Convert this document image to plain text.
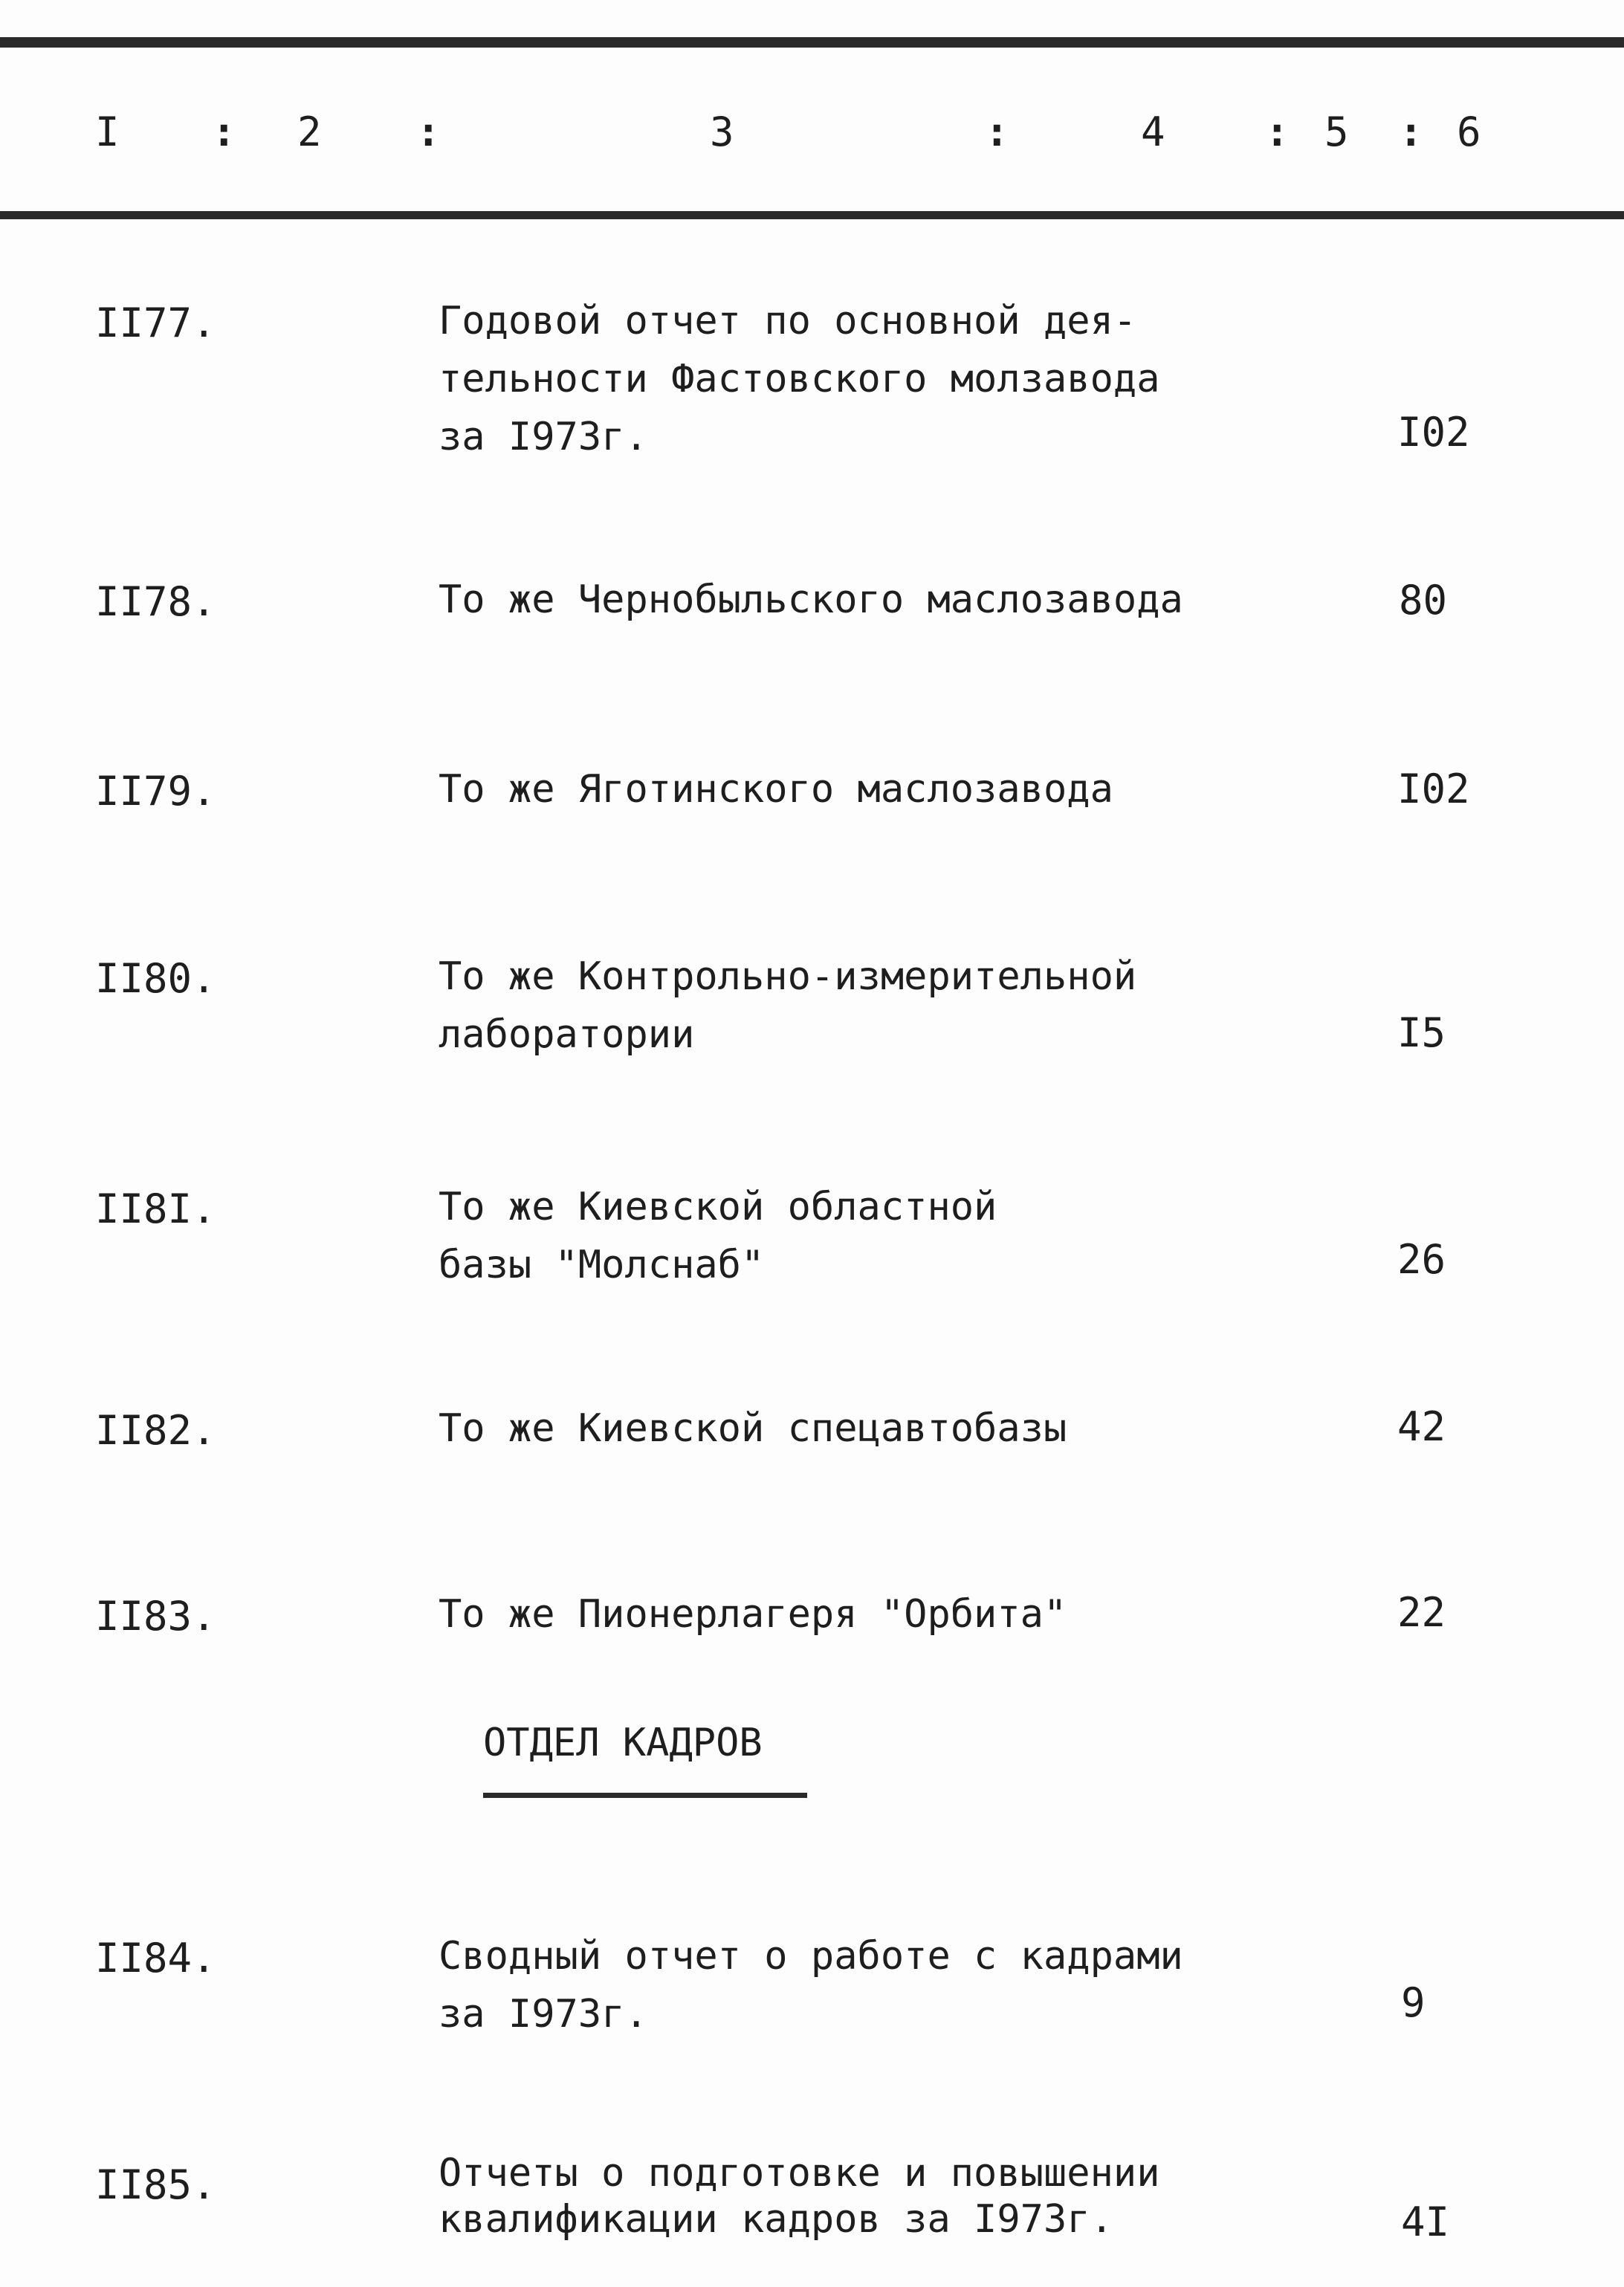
I : 2 :	3	:	4 : 5 : 6
II77.	Годовой отчет по основной дея-
тельности Фастовского молзавода
за I973г.	I02
II78.	То же Чернобыльского маслозавода	80
II79.	То же Яготинского маслозавода	I02
II80.	То же Контрольно-измерительной
лаборатории	I5
II8I.	То же Киевской областной
базы "Молснаб"	26
II82.	То же Киевской спецавтобазы	42
II83.	То же Пионерлагеря "Орбита"	22
ОТДЕЛ КАДРОВ
II84.	Сводный отчет о работе с кадрами
за I973г.	9
II85.	Отчеты о подготовке и повышении
квалификации кадров за I973г.	4I
